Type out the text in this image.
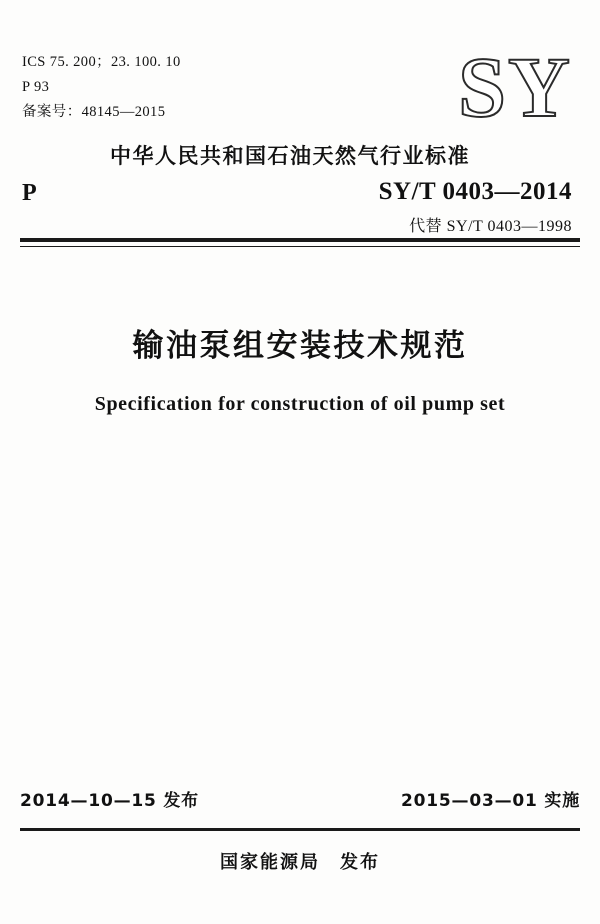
ICS 75. 200；23. 100. 10
P 93
备案号：48145—2015	SY
中华人民共和国石油天然气行业标准
P	SY/T 0403—2014
代替 SY/T 0403—1998
输油泵组安装技术规范
Specification for construction of oil pump set
2014—10—15 发布	2015—03—01 实施
国家能源局　发布
